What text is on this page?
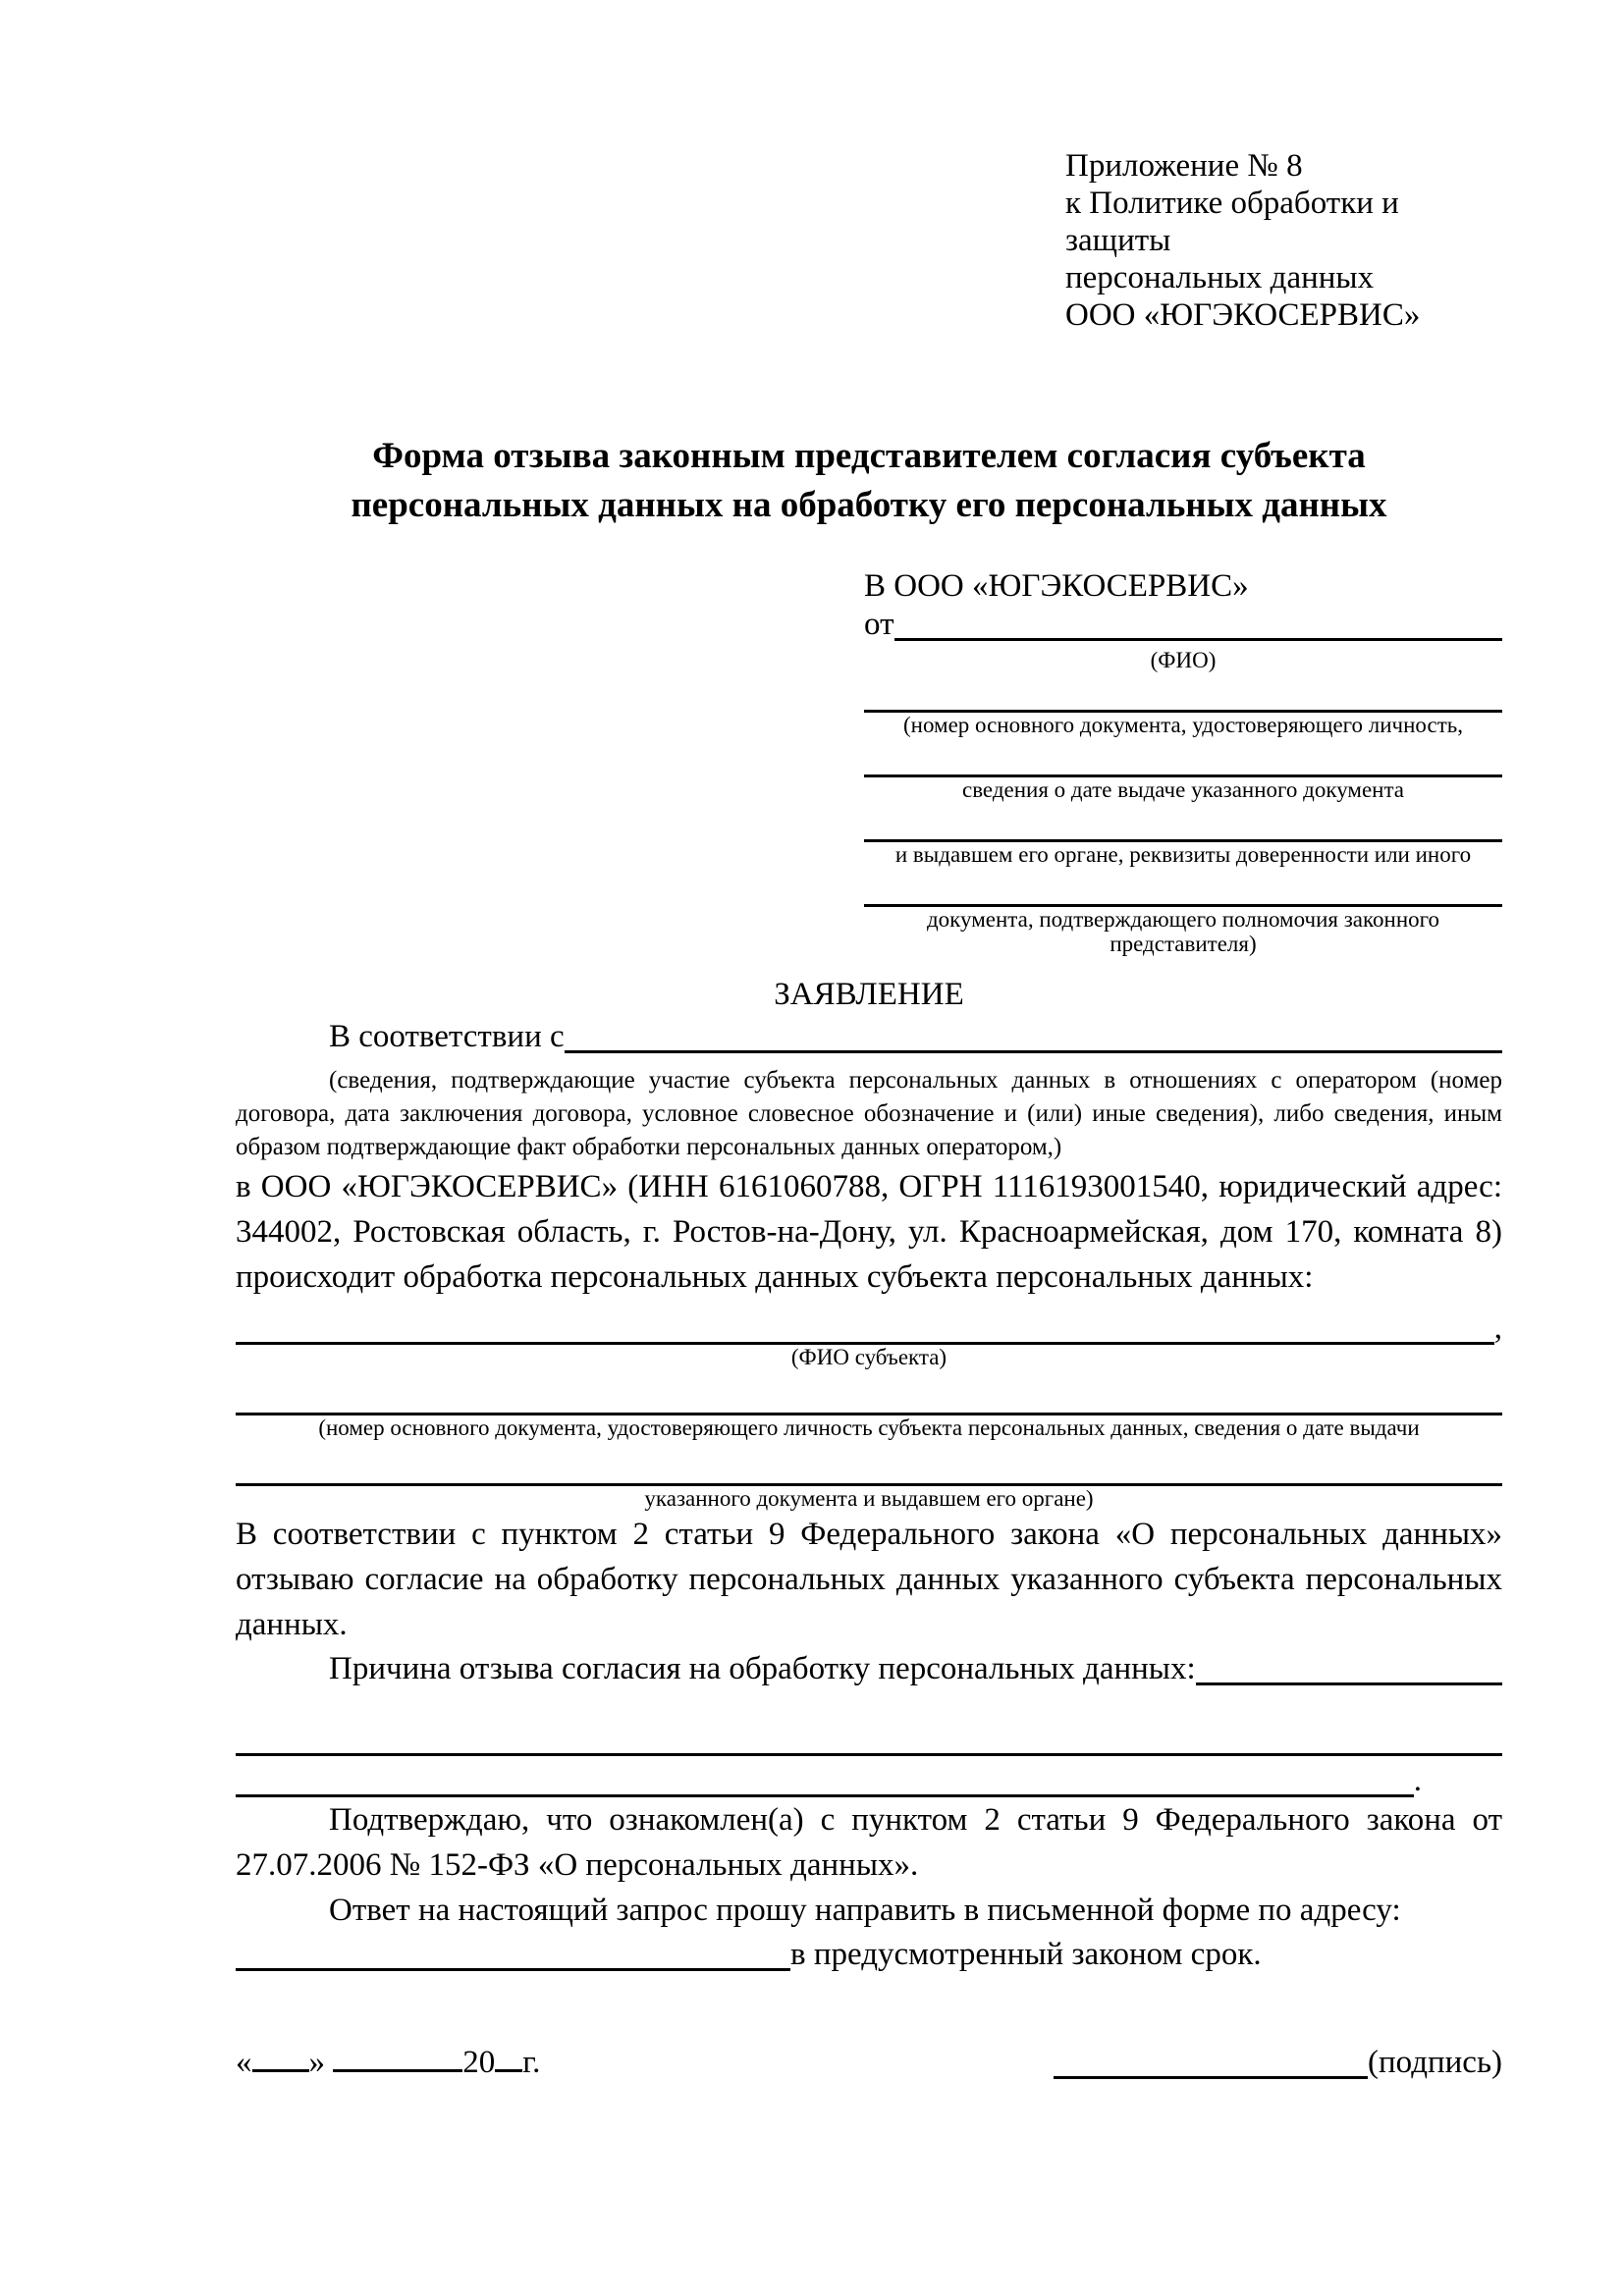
Приложение № 8
к Политике обработки и защиты
персональных данных
ООО «ЮГЭКОСЕРВИС»
Форма отзыва законным представителем согласия субъекта
персональных данных на обработку его персональных данных
В ООО «ЮГЭКОСЕРВИС»
от
(ФИО)
(номер основного документа, удостоверяющего личность,
сведения о дате выдаче указанного документа
и выдавшем его органе, реквизиты доверенности или иного
документа, подтверждающего полномочия законного представителя)
ЗАЯВЛЕНИЕ
В соответствии с

(сведения, подтверждающие участие субъекта персональных данных в отношениях с оператором (номер договора, дата заключения договора, условное словесное обозначение и (или) иные сведения), либо сведения, иным образом подтверждающие факт обработки персональных данных оператором,)

в ООО «ЮГЭКОСЕРВИС» (ИНН 6161060788, ОГРН 1116193001540, юридический адрес: 344002, Ростовская область, г. Ростов-на-Дону, ул. Красноармейская, дом 170, комната 8) происходит обработка персональных данных субъекта персональных данных:

,
(ФИО субъекта)
(номер основного документа, удостоверяющего личность субъекта персональных данных, сведения о дате выдачи
указанного документа и выдавшем его органе)

В соответствии с пунктом 2 статьи 9 Федерального закона «О персональных данных» отзываю согласие на обработку персональных данных указанного субъекта персональных данных.

Причина отзыва согласия на обработку персональных данных:
.

Подтверждаю, что ознакомлен(а) с пунктом 2 статьи 9 Федерального закона от 27.07.2006 № 152-ФЗ «О персональных данных».

Ответ на настоящий запрос прошу направить в письменной форме по адресу:

в предусмотренный законом срок.
« »	20 г.	(подпись)
